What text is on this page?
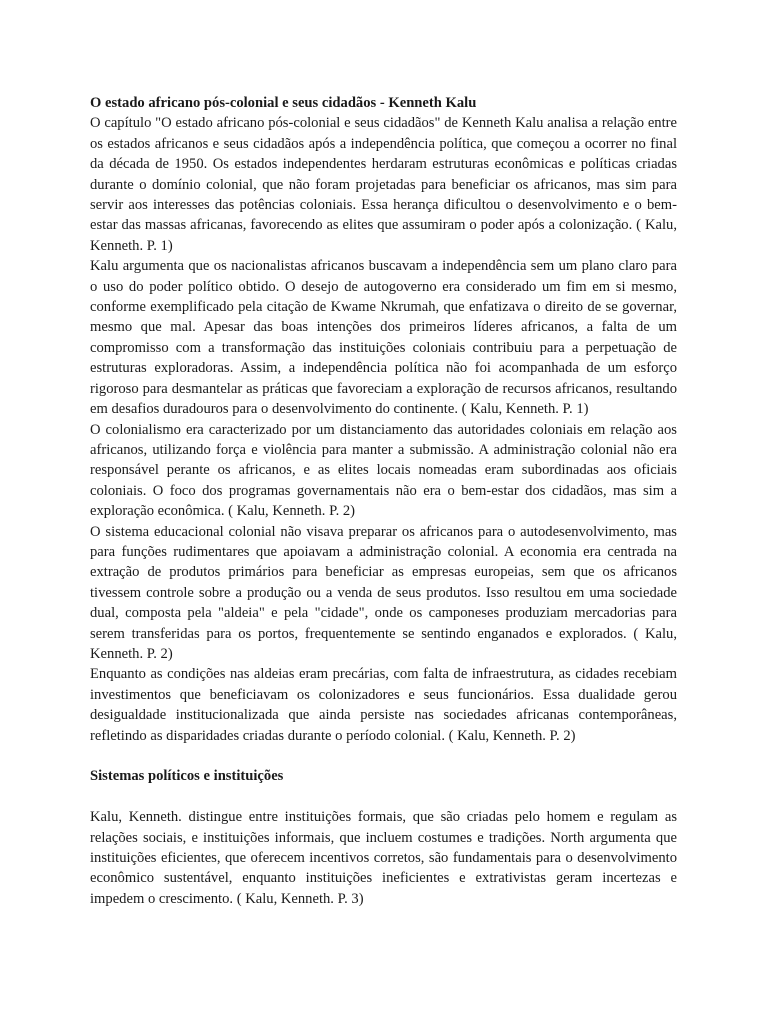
O estado africano pós-colonial e seus cidadãos - Kenneth Kalu

O capítulo "O estado africano pós-colonial e seus cidadãos" de Kenneth Kalu analisa a relação entre os estados africanos e seus cidadãos após a independência política, que começou a ocorrer no final da década de 1950. Os estados independentes herdaram estruturas econômicas e políticas criadas durante o domínio colonial, que não foram projetadas para beneficiar os africanos, mas sim para servir aos interesses das potências coloniais. Essa herança dificultou o desenvolvimento e o bem-estar das massas africanas, favorecendo as elites que assumiram o poder após a colonização. ( Kalu, Kenneth. P. 1)

Kalu argumenta que os nacionalistas africanos buscavam a independência sem um plano claro para o uso do poder político obtido. O desejo de autogoverno era considerado um fim em si mesmo, conforme exemplificado pela citação de Kwame Nkrumah, que enfatizava o direito de se governar, mesmo que mal. Apesar das boas intenções dos primeiros líderes africanos, a falta de um compromisso com a transformação das instituições coloniais contribuiu para a perpetuação de estruturas exploradoras. Assim, a independência política não foi acompanhada de um esforço rigoroso para desmantelar as práticas que favoreciam a exploração de recursos africanos, resultando em desafios duradouros para o desenvolvimento do continente. ( Kalu, Kenneth. P. 1)

O colonialismo era caracterizado por um distanciamento das autoridades coloniais em relação aos africanos, utilizando força e violência para manter a submissão. A administração colonial não era responsável perante os africanos, e as elites locais nomeadas eram subordinadas aos oficiais coloniais. O foco dos programas governamentais não era o bem-estar dos cidadãos, mas sim a exploração econômica. ( Kalu, Kenneth. P. 2)

O sistema educacional colonial não visava preparar os africanos para o autodesenvolvimento, mas para funções rudimentares que apoiavam a administração colonial. A economia era centrada na extração de produtos primários para beneficiar as empresas europeias, sem que os africanos tivessem controle sobre a produção ou a venda de seus produtos. Isso resultou em uma sociedade dual, composta pela "aldeia" e pela "cidade", onde os camponeses produziam mercadorias para serem transferidas para os portos, frequentemente se sentindo enganados e explorados. ( Kalu, Kenneth. P. 2)

Enquanto as condições nas aldeias eram precárias, com falta de infraestrutura, as cidades recebiam investimentos que beneficiavam os colonizadores e seus funcionários. Essa dualidade gerou desigualdade institucionalizada que ainda persiste nas sociedades africanas contemporâneas, refletindo as disparidades criadas durante o período colonial. ( Kalu, Kenneth. P. 2)

Sistemas políticos e instituições

Kalu, Kenneth. distingue entre instituições formais, que são criadas pelo homem e regulam as relações sociais, e instituições informais, que incluem costumes e tradições. North argumenta que instituições eficientes, que oferecem incentivos corretos, são fundamentais para o desenvolvimento econômico sustentável, enquanto instituições ineficientes e extrativistas geram incertezas e impedem o crescimento. ( Kalu, Kenneth. P. 3)
